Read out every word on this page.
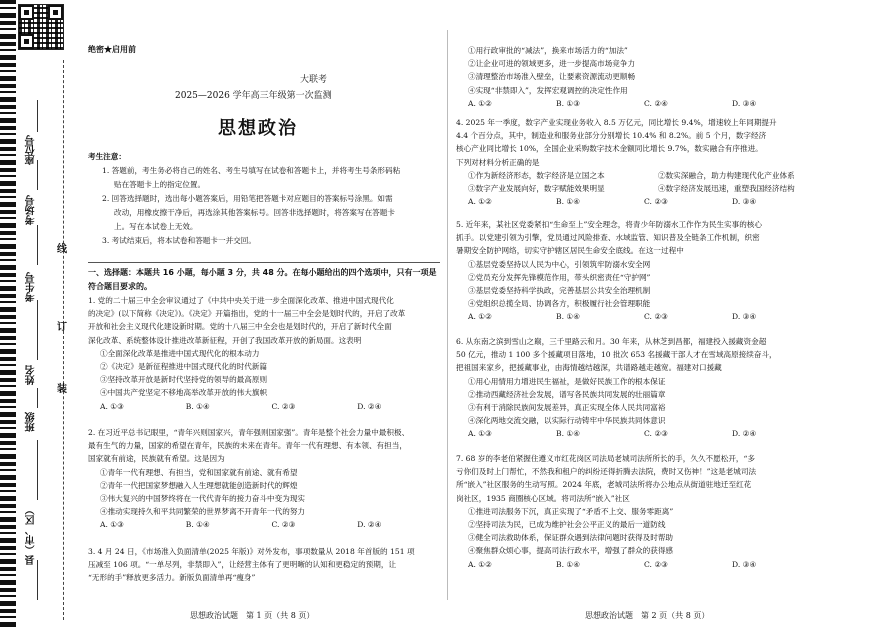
座位号
考场号
考生号
姓名
班级
县（市、区）
线
订
装
绝密★启用前
大联考
2025—2026 学年高三年级第一次监测
思想政治
考生注意：

1. 答题前，考生务必将自己的姓名、考生号填写在试卷和答题卡上，并将考生号条形码粘

贴在答题卡上的指定位置。

2. 回答选择题时，选出每小题答案后，用铅笔把答题卡对应题目的答案标号涂黑。如需

改动，用橡皮擦干净后，再选涂其他答案标号。回答非选择题时，将答案写在答题卡

上。写在本试卷上无效。

3. 考试结束后，将本试卷和答题卡一并交回。

一、选择题：本题共 16 小题，每小题 3 分，共 48 分。在每小题给出的四个选项中，只有一项是符合题目要求的。

1. 党的二十届三中全会审议通过了《中共中央关于进一步全面深化改革、推进中国式现代化

的决定》(以下简称《决定》)。《决定》开篇指出，党的十一届三中全会是划时代的，开启了改革

开放和社会主义现代化建设新时期。党的十八届三中全会也是划时代的，开启了新时代全面

深化改革、系统整体设计推进改革新征程，开创了我国改革开放的新局面。这表明

①全面深化改革是推进中国式现代化的根本动力

②《决定》是新征程推进中国式现代化的时代新篇

③坚持改革开放是新时代坚持党的领导的最高原则

④中国共产党坚定不移地高举改革开放的伟大旗帜

A. ①③	B. ①④	C. ②③	D. ②④

2. 在习近平总书记眼里，“青年兴则国家兴，青年强则国家强”。青年是整个社会力量中最积极、

最有生气的力量，国家的希望在青年，民族的未来在青年。青年一代有理想、有本领、有担当，

国家就有前途，民族就有希望。这是因为

①青年一代有理想、有担当，党和国家就有前途、就有希望

②青年一代把国家梦想融入人生理想就能创造新时代的辉煌

③伟大复兴的中国梦终将在一代代青年的接力奋斗中变为现实

④推动实现持久和平共同繁荣的世界梦离不开青年一代的努力

A. ①③	B. ①④	C. ②③	D. ②④

3. 4 月 24 日，《市场准入负面清单(2025 年版)》对外发布，事项数量从 2018 年首版的 151 项

压减至 106 项。“一单尽列，非禁即入”，让经营主体有了更明晰的认知和更稳定的预期，让

“无形的手”释放更多活力。新版负面清单再“瘦身”

思想政治试题　第 1 页（共 8 页）

①用行政审批的“减法”，换来市场活力的“加法”

②让企业可进的领域更多，进一步提高市场竞争力

③清理整治市场准入壁垒，让要素资源流动更顺畅

④实现“非禁即入”，发挥宏观调控的决定性作用

A. ①②	B. ①③	C. ②④	D. ③④

4. 2025 年一季度，数字产业实现业务收入 8.5 万亿元，同比增长 9.4%，增速较上年同期提升

4.4 个百分点，其中，制造业和服务业部分分别增长 10.4% 和 8.2%。前 5 个月，数字经济

核心产业同比增长 10%，全国企业采购数字技术金额同比增长 9.7%，数实融合有序推进。

下列对材料分析正确的是

①作为新经济形态，数字经济是立国之本	②数实深融合，助力构建现代化产业体系
③数字产业发展向好，数字赋能效果明显	④数字经济发展迅速，重塑我国经济结构
A. ①②	B. ①④	C. ②③	D. ③④

5. 近年来，某社区党委紧扣“生命至上”安全理念，将青少年防溺水工作作为民生实事的核心

抓手。以党建引领为引擎，党员通过风险排查、水域监管、知识普及全链条工作机制，织密

暑期安全防护网络，切实守护辖区居民生命安全底线。在这一过程中

①基层党委坚持以人民为中心，引领筑牢防溺水安全网

②党员充分发挥先锋模范作用，带头织密责任“守护网”

③基层党委坚持科学执政，完善基层公共安全治理机制

④党组织总揽全局、协调各方，积极履行社会管理职能

A. ①②	B. ①④	C. ②③	D. ③④

6. 从东南之滨到雪山之巅，三千里路云和月。30 年来，从林芝到昌都，福建投入援藏资金超

50 亿元，推动 1 100 多个援藏项目落地，10 批次 653 名援藏干部人才在雪域高原接续奋斗，

把祖国来家乡，把援藏事业，由海情越结越深，共谱路越走越宽。福建对口援藏

①用心用情用力增进民生福祉，是做好民族工作的根本保证

②推动西藏经济社会发展，谱写各民族共同发展的壮丽篇章

③有利于消除民族间发展差异，真正实现全体人民共同富裕

④深化两地交流交融，以实际行动铸牢中华民族共同体意识

A. ①③	B. ①④	C. ②③	D. ②④

7. 68 岁的李老伯紧握住遵义市红花岗区司法局老城司法所所长的手，久久不愿松开，“多

亏你们及时上门帮忙，不然我和租户的纠纷还得折腾去法院，费时又伤神！”这是老城司法

所“嵌入”社区服务的生动写照。2024 年底，老城司法所将办公地点从街道驻地迁至红花

岗社区，1935 商圈核心区域。将司法所“嵌入”社区

①推进司法服务下沉，真正实现了“矛盾不上交、服务零距离”

②坚持司法为民，已成为维护社会公平正义的最后一道防线

③健全司法救助体系，保证群众遇到法律问题时获得及时帮助

④聚焦群众烦心事，提高司法行政水平，增强了群众的获得感

A. ①②	B. ①④	C. ②③	D. ③④
思想政治试题　第 2 页（共 8 页）
